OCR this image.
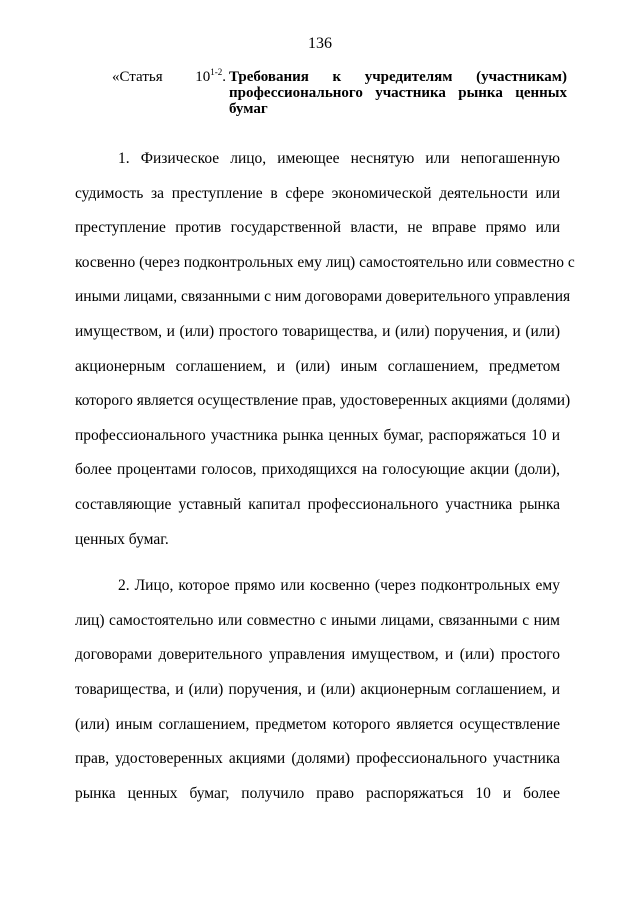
136
«Статья 10$^{1-2}$. Требования к учредителям (участникам)
профессионального участника рынка ценных
бумаг
1. Физическое лицо, имеющее неснятую или непогашенную
судимость за преступление в сфере экономической деятельности или
преступление против государственной власти, не вправе прямо или
косвенно (через подконтрольных ему лиц) самостоятельно или совместно с
иными лицами, связанными с ним договорами доверительного управления
имуществом, и (или) простого товарищества, и (или) поручения, и (или)
акционерным соглашением, и (или) иным соглашением, предметом
которого является осуществление прав, удостоверенных акциями (долями)
профессионального участника рынка ценных бумаг, распоряжаться 10 и
более процентами голосов, приходящихся на голосующие акции (доли),
составляющие уставный капитал профессионального участника рынка
ценных бумаг.
2. Лицо, которое прямо или косвенно (через подконтрольных ему
лиц) самостоятельно или совместно с иными лицами, связанными с ним
договорами доверительного управления имуществом, и (или) простого
товарищества, и (или) поручения, и (или) акционерным соглашением, и
(или) иным соглашением, предметом которого является осуществление
прав, удостоверенных акциями (долями) профессионального участника
рынка ценных бумаг, получило право распоряжаться 10 и более
